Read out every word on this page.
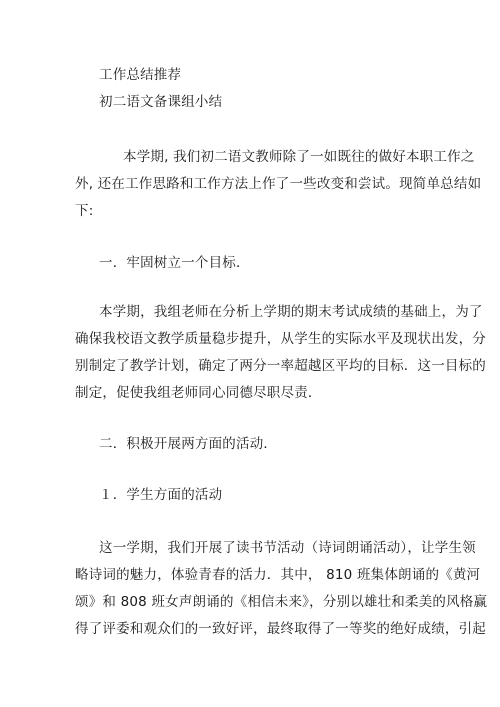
工作总结推荐
初二语文备课组小结
本学期, 我们初二语文教师除了一如既往的做好本职工作之
外, 还在工作思路和工作方法上作了一些改变和尝试。现简单总结如
下:
一．牢固树立一个目标．
本学期，我组老师在分析上学期的期末考试成绩的基础上，为了
确保我校语文教学质量稳步提升，从学生的实际水平及现状出发，分
别制定了教学计划，确定了两分一率超越区平均的目标．这一目标的
制定，促使我组老师同心同德尽职尽责．
二．积极开展两方面的活动．
１．学生方面的活动
这一学期，我们开展了读书节活动（诗词朗诵活动），让学生领
略诗词的魅力，体验青春的活力．其中， 810 班集体朗诵的《黄河
颂》和 808 班女声朗诵的《相信未来》，分别以雄壮和柔美的风格赢
得了评委和观众们的一致好评，最终取得了一等奖的绝好成绩，引起
